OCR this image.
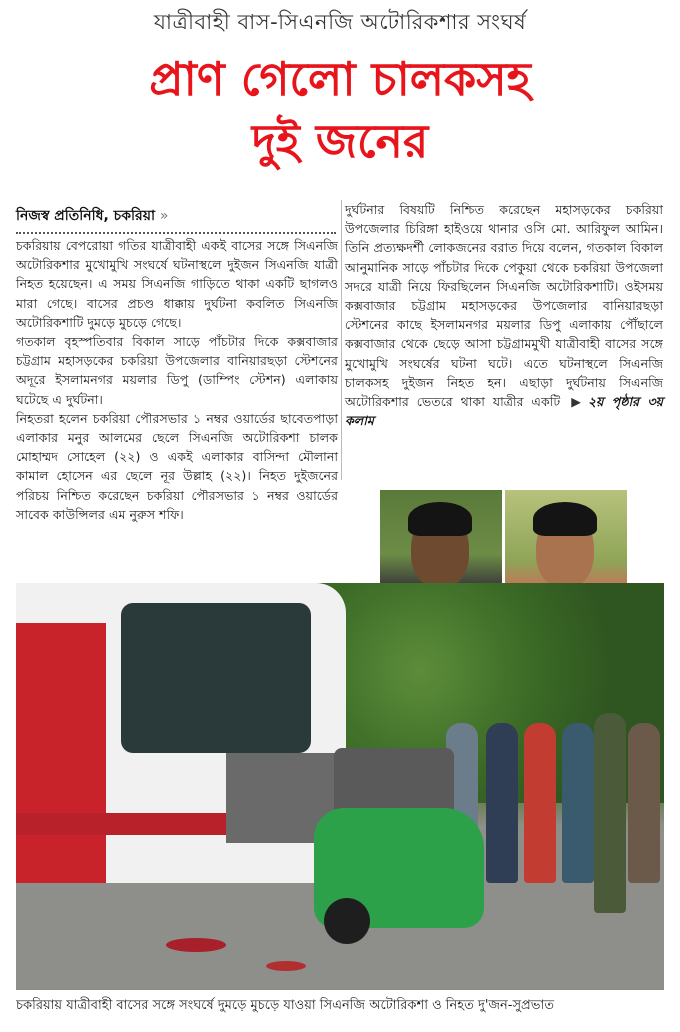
যাত্রীবাহী বাস-সিএনজি অটোরিকশার সংঘর্ষ
প্রাণ গেলো চালকসহ
দুই জনের
নিজস্ব প্রতিনিধি, চকরিয়া »

চকরিয়ায় বেপরোয়া গতির যাত্রীবাহী একই বাসের সঙ্গে সিএনজি অটোরিকশার মুখোমুখি সংঘর্ষে ঘটনাস্থলে দুইজন সিএনজি যাত্রী নিহত হয়েছেন। এ সময় সিএনজি গাড়িতে থাকা একটি ছাগলও মারা গেছে। বাসের প্রচণ্ড ধাক্কায় দুর্ঘটনা কবলিত সিএনজি অটোরিকশাটি দুমড়ে মুচড়ে গেছে।

গতকাল বৃহস্পতিবার বিকাল সাড়ে পাঁচটার দিকে কক্সবাজার চট্টগ্রাম মহাসড়কের চকরিয়া উপজেলার বানিয়ারছড়া স্টেশনের অদূরে ইসলামনগর ময়লার ডিপু (ডাম্পিং স্টেশন) এলাকায় ঘটেছে এ দুর্ঘটনা।

নিহতরা হলেন চকরিয়া পৌরসভার ১ নম্বর ওয়ার্ডের ছাবেতপাড়া এলাকার মনুর আলমের ছেলে সিএনজি অটোরিকশা চালক মোহাম্মদ সোহেল (২২) ও একই এলাকার বাসিন্দা মৌলানা কামাল হোসেন এর ছেলে নূর উল্লাহ (২২)। নিহত দুইজনের পরিচয় নিশ্চিত করেছেন চকরিয়া পৌরসভার ১ নম্বর ওয়ার্ডের সাবেক কাউন্সিলর এম নুরুস শফি।

দুর্ঘটনার বিষয়টি নিশ্চিত করেছেন মহাসড়কের চকরিয়া উপজেলার চিরিঙ্গা হাইওয়ে থানার ওসি মো. আরিফুল আমিন। তিনি প্রত্যক্ষদর্শী লোকজনের বরাত দিয়ে বলেন, গতকাল বিকাল আনুমানিক সাড়ে পাঁচটার দিকে পেকুয়া থেকে চকরিয়া উপজেলা সদরে যাত্রী নিয়ে ফিরছিলেন সিএনজি অটোরিকশাটি। ওইসময় কক্সবাজার চট্টগ্রাম মহাসড়কের উপজেলার বানিয়ারছড়া স্টেশনের কাছে ইসলামনগর ময়লার ডিপু এলাকায় পৌঁছালে কক্সবাজার থেকে ছেড়ে আসা চট্টগ্রামমুখী যাত্রীবাহী বাসের সঙ্গে মুখোমুখি সংঘর্ষের ঘটনা ঘটে। এতে ঘটনাস্থলে সিএনজি চালকসহ দুইজন নিহত হন। এছাড়া দুর্ঘটনায় সিএনজি অটোরিকশার ভেতরে থাকা যাত্রীর একটি ▶ ২য় পৃষ্ঠার ৩য় কলাম

চকরিয়ায় যাত্রীবাহী বাসের সঙ্গে সংঘর্ষে দুমড়ে মুচড়ে যাওয়া সিএনজি অটোরিকশা ও নিহত দু'জন-সুপ্রভাত
